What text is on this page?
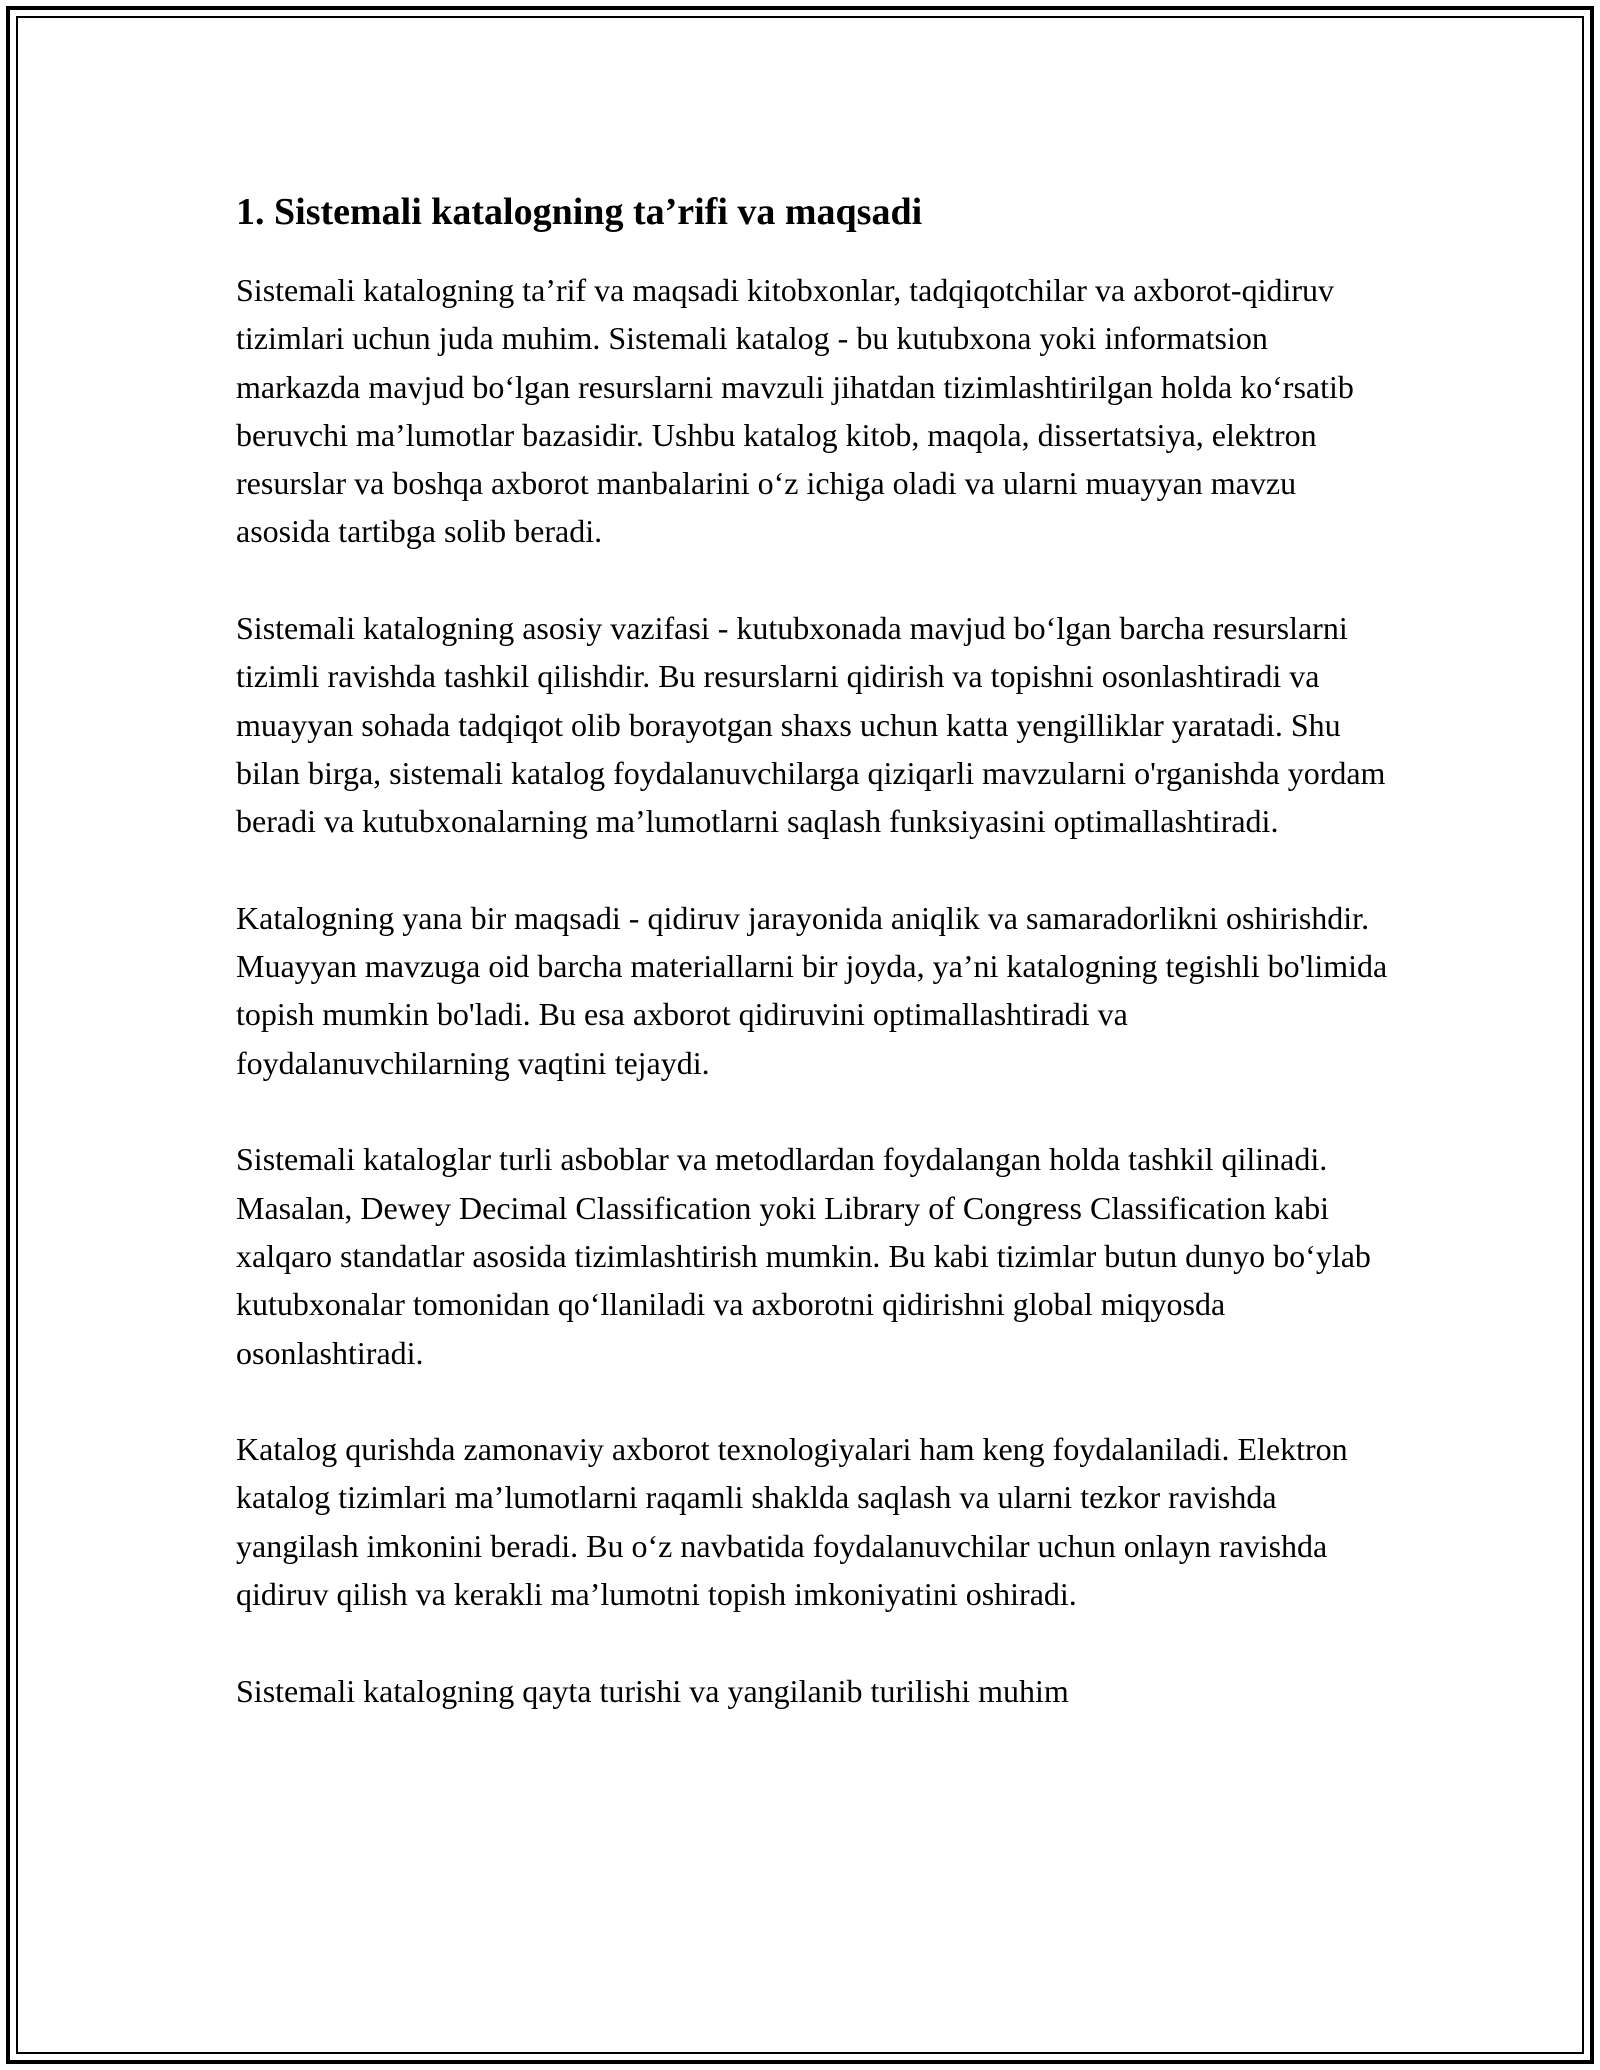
1. Sistemali katalogning ta’rifi va maqsadi

Sistemali katalogning ta’rif va maqsadi kitobxonlar, tadqiqotchilar va axborot-qidiruv tizimlari uchun juda muhim. Sistemali katalog - bu kutubxona yoki informatsion markazda mavjud bo‘lgan resurslarni mavzuli jihatdan tizimlashtirilgan holda ko‘rsatib beruvchi ma’lumotlar bazasidir. Ushbu katalog kitob, maqola, dissertatsiya, elektron resurslar va boshqa axborot manbalarini o‘z ichiga oladi va ularni muayyan mavzu asosida tartibga solib beradi.

Sistemali katalogning asosiy vazifasi - kutubxonada mavjud bo‘lgan barcha resurslarni tizimli ravishda tashkil qilishdir. Bu resurslarni qidirish va topishni osonlashtiradi va muayyan sohada tadqiqot olib borayotgan shaxs uchun katta yengilliklar yaratadi. Shu bilan birga, sistemali katalog foydalanuvchilarga qiziqarli mavzularni o'rganishda yordam beradi va kutubxonalarning ma’lumotlarni saqlash funksiyasini optimallashtiradi.

Katalogning yana bir maqsadi - qidiruv jarayonida aniqlik va samaradorlikni oshirishdir. Muayyan mavzuga oid barcha materiallarni bir joyda, ya’ni katalogning tegishli bo'limida topish mumkin bo'ladi. Bu esa axborot qidiruvini optimallashtiradi va foydalanuvchilarning vaqtini tejaydi.

Sistemali kataloglar turli asboblar va metodlardan foydalangan holda tashkil qilinadi. Masalan, Dewey Decimal Classification yoki Library of Congress Classification kabi xalqaro standatlar asosida tizimlashtirish mumkin. Bu kabi tizimlar butun dunyo bo‘ylab kutubxonalar tomonidan qo‘llaniladi va axborotni qidirishni global miqyosda osonlashtiradi.

Katalog qurishda zamonaviy axborot texnologiyalari ham keng foydalaniladi. Elektron katalog tizimlari ma’lumotlarni raqamli shaklda saqlash va ularni tezkor ravishda yangilash imkonini beradi. Bu o‘z navbatida foydalanuvchilar uchun onlayn ravishda qidiruv qilish va kerakli ma’lumotni topish imkoniyatini oshiradi.

Sistemali katalogning qayta turishi va yangilanib turilishi muhim
